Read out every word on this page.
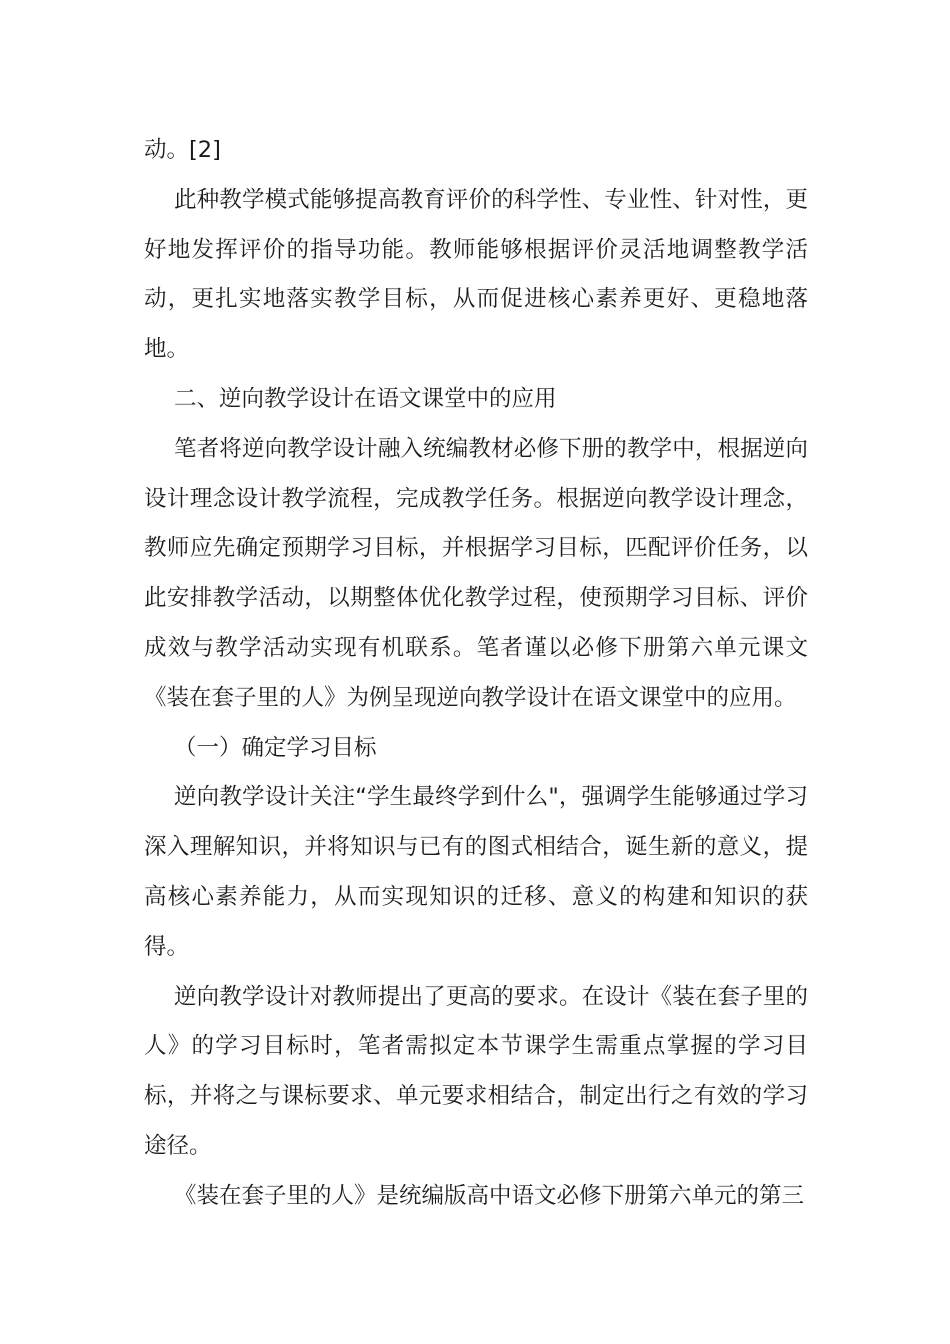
动。[2]

此种教学模式能够提高教育评价的科学性、专业性、针对性，更好地发挥评价的指导功能。教师能够根据评价灵活地调整教学活动，更扎实地落实教学目标，从而促进核心素养更好、更稳地落地。

二、逆向教学设计在语文课堂中的应用

笔者将逆向教学设计融入统编教材必修下册的教学中，根据逆向设计理念设计教学流程，完成教学任务。根据逆向教学设计理念，教师应先确定预期学习目标，并根据学习目标，匹配评价任务，以此安排教学活动，以期整体优化教学过程，使预期学习目标、评价成效与教学活动实现有机联系。笔者谨以必修下册第六单元课文《装在套子里的人》为例呈现逆向教学设计在语文课堂中的应用。

（一）确定学习目标

逆向教学设计关注“学生最终学到什么"，强调学生能够通过学习深入理解知识，并将知识与已有的图式相结合，诞生新的意义，提高核心素养能力，从而实现知识的迁移、意义的构建和知识的获得。

逆向教学设计对教师提出了更高的要求。在设计《装在套子里的人》的学习目标时，笔者需拟定本节课学生需重点掌握的学习目标，并将之与课标要求、单元要求相结合，制定出行之有效的学习途径。

《装在套子里的人》是统编版高中语文必修下册第六单元的第三
